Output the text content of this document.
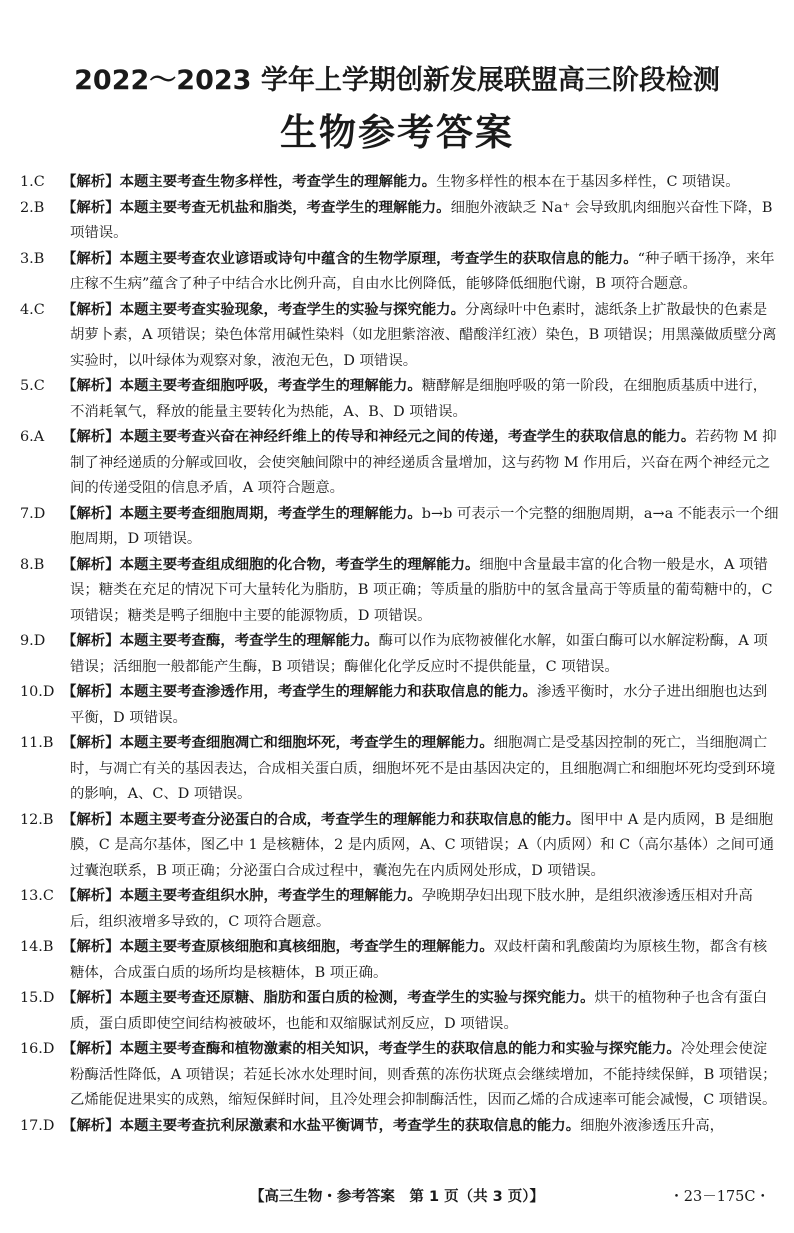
2022～2023 学年上学期创新发展联盟高三阶段检测
生物参考答案
1.C 【解析】本题主要考查生物多样性，考查学生的理解能力。生物多样性的根本在于基因多样性，C 项错误。
2.B 【解析】本题主要考查无机盐和脂类，考查学生的理解能力。细胞外液缺乏 Na⁺ 会导致肌肉细胞兴奋性下降，B 项错误。
3.B 【解析】本题主要考查农业谚语或诗句中蕴含的生物学原理，考查学生的获取信息的能力。“种子晒干扬净，来年庄稼不生病”蕴含了种子中结合水比例升高，自由水比例降低，能够降低细胞代谢，B 项符合题意。
4.C 【解析】本题主要考查实验现象，考查学生的实验与探究能力。分离绿叶中色素时，滤纸条上扩散最快的色素是胡萝卜素，A 项错误；染色体常用碱性染料（如龙胆紫溶液、醋酸洋红液）染色，B 项错误；用黑藻做质壁分离实验时，以叶绿体为观察对象，液泡无色，D 项错误。
5.C 【解析】本题主要考查细胞呼吸，考查学生的理解能力。糖酵解是细胞呼吸的第一阶段，在细胞质基质中进行，不消耗氧气，释放的能量主要转化为热能，A、B、D 项错误。
6.A 【解析】本题主要考查兴奋在神经纤维上的传导和神经元之间的传递，考查学生的获取信息的能力。若药物 M 抑制了神经递质的分解或回收，会使突触间隙中的神经递质含量增加，这与药物 M 作用后，兴奋在两个神经元之间的传递受阻的信息矛盾，A 项符合题意。
7.D 【解析】本题主要考查细胞周期，考查学生的理解能力。b→b 可表示一个完整的细胞周期，a→a 不能表示一个细胞周期，D 项错误。
8.B 【解析】本题主要考查组成细胞的化合物，考查学生的理解能力。细胞中含量最丰富的化合物一般是水，A 项错误；糖类在充足的情况下可大量转化为脂肪，B 项正确；等质量的脂肪中的氢含量高于等质量的葡萄糖中的，C 项错误；糖类是鸭子细胞中主要的能源物质，D 项错误。
9.D 【解析】本题主要考查酶，考查学生的理解能力。酶可以作为底物被催化水解，如蛋白酶可以水解淀粉酶，A 项错误；活细胞一般都能产生酶，B 项错误；酶催化化学反应时不提供能量，C 项错误。
10.D 【解析】本题主要考查渗透作用，考查学生的理解能力和获取信息的能力。渗透平衡时，水分子进出细胞也达到平衡，D 项错误。
11.B 【解析】本题主要考查细胞凋亡和细胞坏死，考查学生的理解能力。细胞凋亡是受基因控制的死亡，当细胞凋亡时，与凋亡有关的基因表达，合成相关蛋白质，细胞坏死不是由基因决定的，且细胞凋亡和细胞坏死均受到环境的影响，A、C、D 项错误。
12.B 【解析】本题主要考查分泌蛋白的合成，考查学生的理解能力和获取信息的能力。图甲中 A 是内质网，B 是细胞膜，C 是高尔基体，图乙中 1 是核糖体，2 是内质网，A、C 项错误；A（内质网）和 C（高尔基体）之间可通过囊泡联系，B 项正确；分泌蛋白合成过程中，囊泡先在内质网处形成，D 项错误。
13.C 【解析】本题主要考查组织水肿，考查学生的理解能力。孕晚期孕妇出现下肢水肿，是组织液渗透压相对升高后，组织液增多导致的，C 项符合题意。
14.B 【解析】本题主要考查原核细胞和真核细胞，考查学生的理解能力。双歧杆菌和乳酸菌均为原核生物，都含有核糖体，合成蛋白质的场所均是核糖体，B 项正确。
15.D 【解析】本题主要考查还原糖、脂肪和蛋白质的检测，考查学生的实验与探究能力。烘干的植物种子也含有蛋白质，蛋白质即使空间结构被破坏，也能和双缩脲试剂反应，D 项错误。
16.D 【解析】本题主要考查酶和植物激素的相关知识，考查学生的获取信息的能力和实验与探究能力。冷处理会使淀粉酶活性降低，A 项错误；若延长冰水处理时间，则香蕉的冻伤状斑点会继续增加，不能持续保鲜，B 项错误；乙烯能促进果实的成熟，缩短保鲜时间，且冷处理会抑制酶活性，因而乙烯的合成速率可能会减慢，C 项错误。
17.D 【解析】本题主要考查抗利尿激素和水盐平衡调节，考查学生的获取信息的能力。细胞外液渗透压升高，
【高三生物・参考答案　第 1 页（共 3 页）】	・23－175C・
